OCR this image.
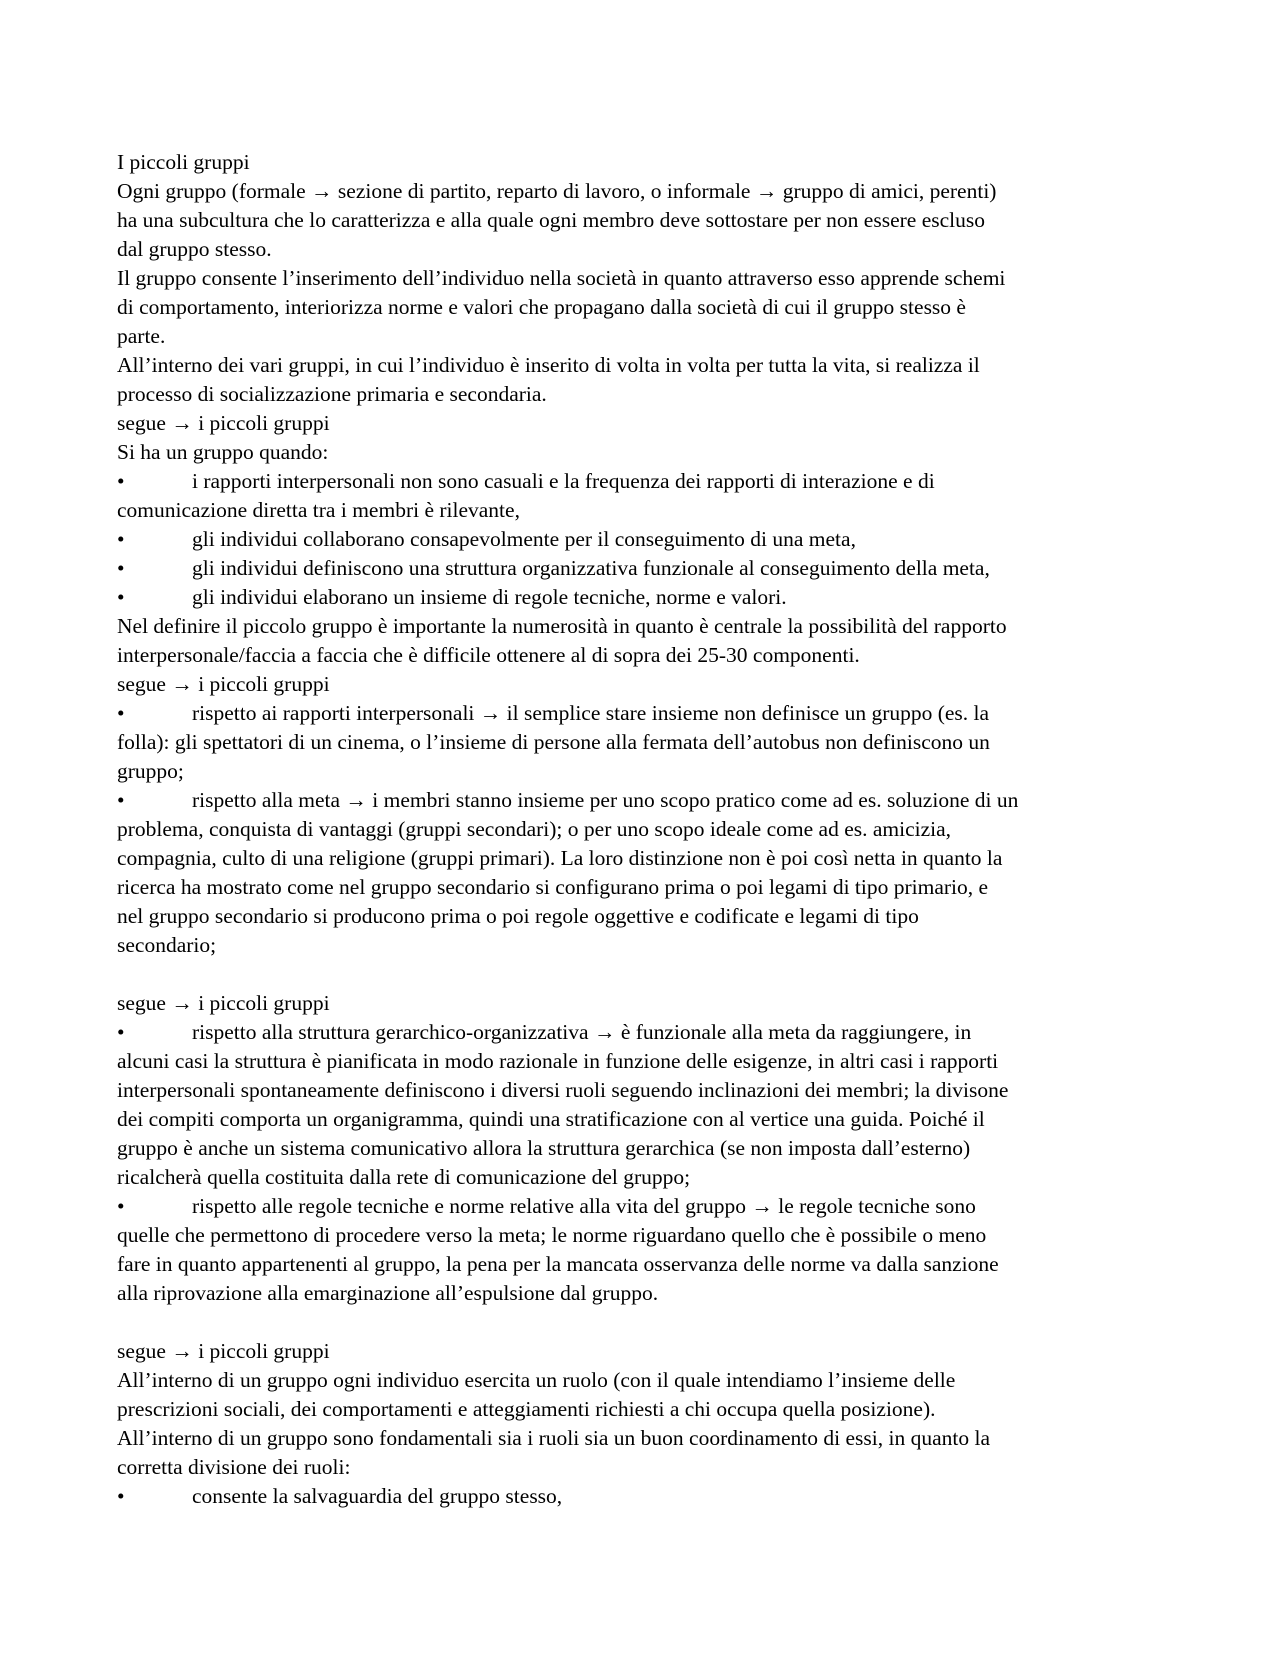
I piccoli gruppi
Ogni gruppo (formale → sezione di partito, reparto di lavoro, o informale → gruppo di amici, perenti)
ha una subcultura che lo caratterizza e alla quale ogni membro deve sottostare per non essere escluso
dal gruppo stesso.
Il gruppo consente l’inserimento dell’individuo nella società in quanto attraverso esso apprende schemi
di comportamento, interiorizza norme e valori che propagano dalla società di cui il gruppo stesso è
parte.
All’interno dei vari gruppi, in cui l’individuo è inserito di volta in volta per tutta la vita, si realizza il
processo di socializzazione primaria e secondaria.
segue → i piccoli gruppi
Si ha un gruppo quando:
•	i rapporti interpersonali non sono casuali e la frequenza dei rapporti di interazione e di
comunicazione diretta tra i membri è rilevante,
•	gli individui collaborano consapevolmente per il conseguimento di una meta,
•	gli individui definiscono una struttura organizzativa funzionale al conseguimento della meta,
•	gli individui elaborano un insieme di regole tecniche, norme e valori.
Nel definire il piccolo gruppo è importante la numerosità in quanto è centrale la possibilità del rapporto
interpersonale/faccia a faccia che è difficile ottenere al di sopra dei 25-30 componenti.
segue → i piccoli gruppi
•	rispetto ai rapporti interpersonali → il semplice stare insieme non definisce un gruppo (es. la
folla): gli spettatori di un cinema, o l’insieme di persone alla fermata dell’autobus non definiscono un
gruppo;
•	rispetto alla meta → i membri stanno insieme per uno scopo pratico come ad es. soluzione di un
problema, conquista di vantaggi (gruppi secondari); o per uno scopo ideale come ad es. amicizia,
compagnia, culto di una religione (gruppi primari). La loro distinzione non è poi così netta in quanto la
ricerca ha mostrato come nel gruppo secondario si configurano prima o poi legami di tipo primario, e
nel gruppo secondario si producono prima o poi regole oggettive e codificate e legami di tipo
secondario;
segue → i piccoli gruppi
•	rispetto alla struttura gerarchico-organizzativa → è funzionale alla meta da raggiungere, in
alcuni casi la struttura è pianificata in modo razionale in funzione delle esigenze, in altri casi i rapporti
interpersonali spontaneamente definiscono i diversi ruoli seguendo inclinazioni dei membri; la divisone
dei compiti comporta un organigramma, quindi una stratificazione con al vertice una guida. Poiché il
gruppo è anche un sistema comunicativo allora la struttura gerarchica (se non imposta dall’esterno)
ricalcherà quella costituita dalla rete di comunicazione del gruppo;
•	rispetto alle regole tecniche e norme relative alla vita del gruppo → le regole tecniche sono
quelle che permettono di procedere verso la meta; le norme riguardano quello che è possibile o meno
fare in quanto appartenenti al gruppo, la pena per la mancata osservanza delle norme va dalla sanzione
alla riprovazione alla emarginazione all’espulsione dal gruppo.
segue → i piccoli gruppi
All’interno di un gruppo ogni individuo esercita un ruolo (con il quale intendiamo l’insieme delle
prescrizioni sociali, dei comportamenti e atteggiamenti richiesti a chi occupa quella posizione).
All’interno di un gruppo sono fondamentali sia i ruoli sia un buon coordinamento di essi, in quanto la
corretta divisione dei ruoli:
•	consente la salvaguardia del gruppo stesso,
